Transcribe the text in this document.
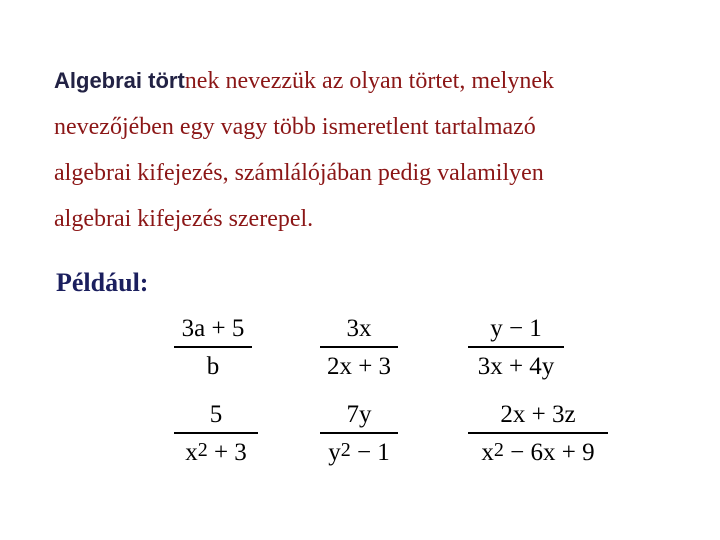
Algebrai törtnek nevezzük az olyan törtet, melynek
nevezőjében egy vagy több ismeretlent tartalmazó
algebrai kifejezés, számlálójában pedig valamilyen
algebrai kifejezés szerepel.
Például:
3a + 5
b
3x
2x + 3
y − 1
3x + 4y
5
$x^2 + 3$
7y
$y^2 - 1$
2x + 3z
$x^2 - 6x + 9$
